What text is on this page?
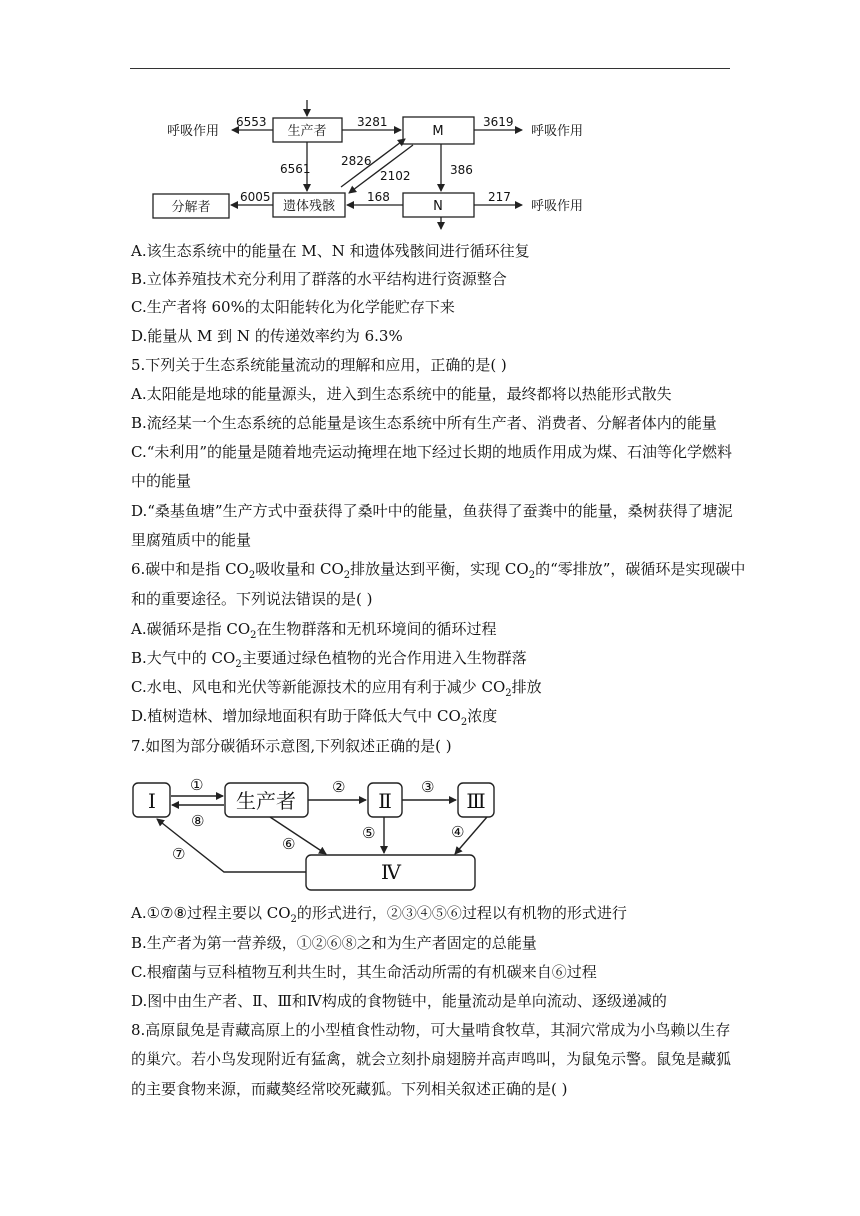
生产者	M
遗体残骸	N
分解者
呼吸作用	呼吸作用
呼吸作用
6553	3281	3619
6561
2826
2102	386
6005	168	217
A.该生态系统中的能量在 M、N 和遗体残骸间进行循环往复
B.立体养殖技术充分利用了群落的水平结构进行资源整合
C.生产者将 60%的太阳能转化为化学能贮存下来
D.能量从 M 到 N 的传递效率约为 6.3%
5.下列关于生态系统能量流动的理解和应用，正确的是( )
A.太阳能是地球的能量源头，进入到生态系统中的能量，最终都将以热能形式散失
B.流经某一个生态系统的总能量是该生态系统中所有生产者、消费者、分解者体内的能量
C.“未利用”的能量是随着地壳运动掩埋在地下经过长期的地质作用成为煤、石油等化学燃料
中的能量
D.“桑基鱼塘”生产方式中蚕获得了桑叶中的能量，鱼获得了蚕粪中的能量，桑树获得了塘泥
里腐殖质中的能量
6.碳中和是指 $CO_2$吸收量和 $CO_2$排放量达到平衡，实现 $CO_2$的“零排放”，碳循环是实现碳中
和的重要途径。下列说法错误的是( )
A.碳循环是指 $CO_2$在生物群落和无机环境间的循环过程
B.大气中的 $CO_2$主要通过绿色植物的光合作用进入生物群落
C.水电、风电和光伏等新能源技术的应用有利于减少 $CO_2$排放
D.植树造林、增加绿地面积有助于降低大气中 $CO_2$浓度
7.如图为部分碳循环示意图,下列叙述正确的是( )
Ⅰ	生产者	Ⅱ	Ⅲ
Ⅳ
①	②	③
④
⑤
⑥
⑦
⑧
A.①⑦⑧过程主要以 $CO_2$的形式进行，②③④⑤⑥过程以有机物的形式进行
B.生产者为第一营养级，①②⑥⑧之和为生产者固定的总能量
C.根瘤菌与豆科植物互利共生时，其生命活动所需的有机碳来自⑥过程
D.图中由生产者、Ⅱ、Ⅲ和Ⅳ构成的食物链中，能量流动是单向流动、逐级递减的
8.高原鼠兔是青藏高原上的小型植食性动物，可大量啃食牧草，其洞穴常成为小鸟赖以生存
的巢穴。若小鸟发现附近有猛禽，就会立刻扑扇翅膀并高声鸣叫，为鼠兔示警。鼠兔是藏狐
的主要食物来源，而藏獒经常咬死藏狐。下列相关叙述正确的是( )
